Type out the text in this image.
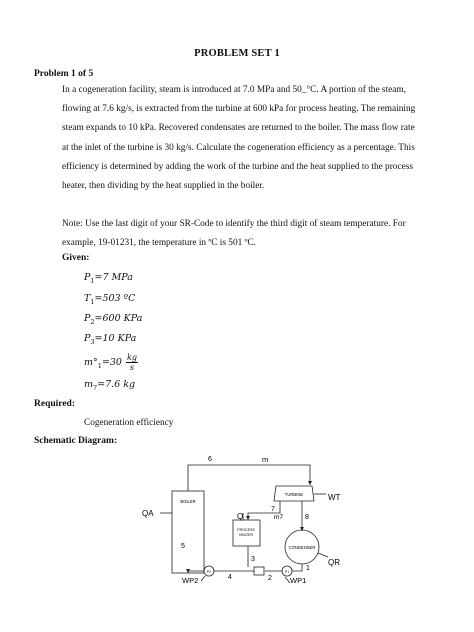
PROBLEM SET 1
Problem 1 of 5
In a cogeneration facility, steam is introduced at 7.0 MPa and 50_°C. A portion of the steam,
flowing at 7.6 kg/s, is extracted from the turbine at 600 kPa for process heating. The remaining
steam expands to 10 kPa. Recovered condensates are returned to the boiler. The mass flow rate
at the inlet of the turbine is 30 kg/s. Calculate the cogeneration efficiency as a percentage. This
efficiency is determined by adding the work of the turbine and the heat supplied to the process
heater, then dividing by the heat supplied in the boiler.
Note: Use the last digit of your SR-Code to identify the third digit of steam temperature. For
example, 19-01231, the temperature in ºC is 501 ºC.
Given:
$P_1=7$ MPa
$T_1=503$ ºC
$P_2=600$ KPa
$P_3=10$ KPa
$m^\circ_1=30 \frac{kg}{s}$
$m_7=7.6$ kg
Required:
Cogeneration efficiency
Schematic Diagram:
BOILER
TURBINE
PROCESS
HEATER
CONDENSER
QA	Q
QR
WT
WP1
WP2
P1
P2
m
m7
1
2
3
4
5
6
7
8
